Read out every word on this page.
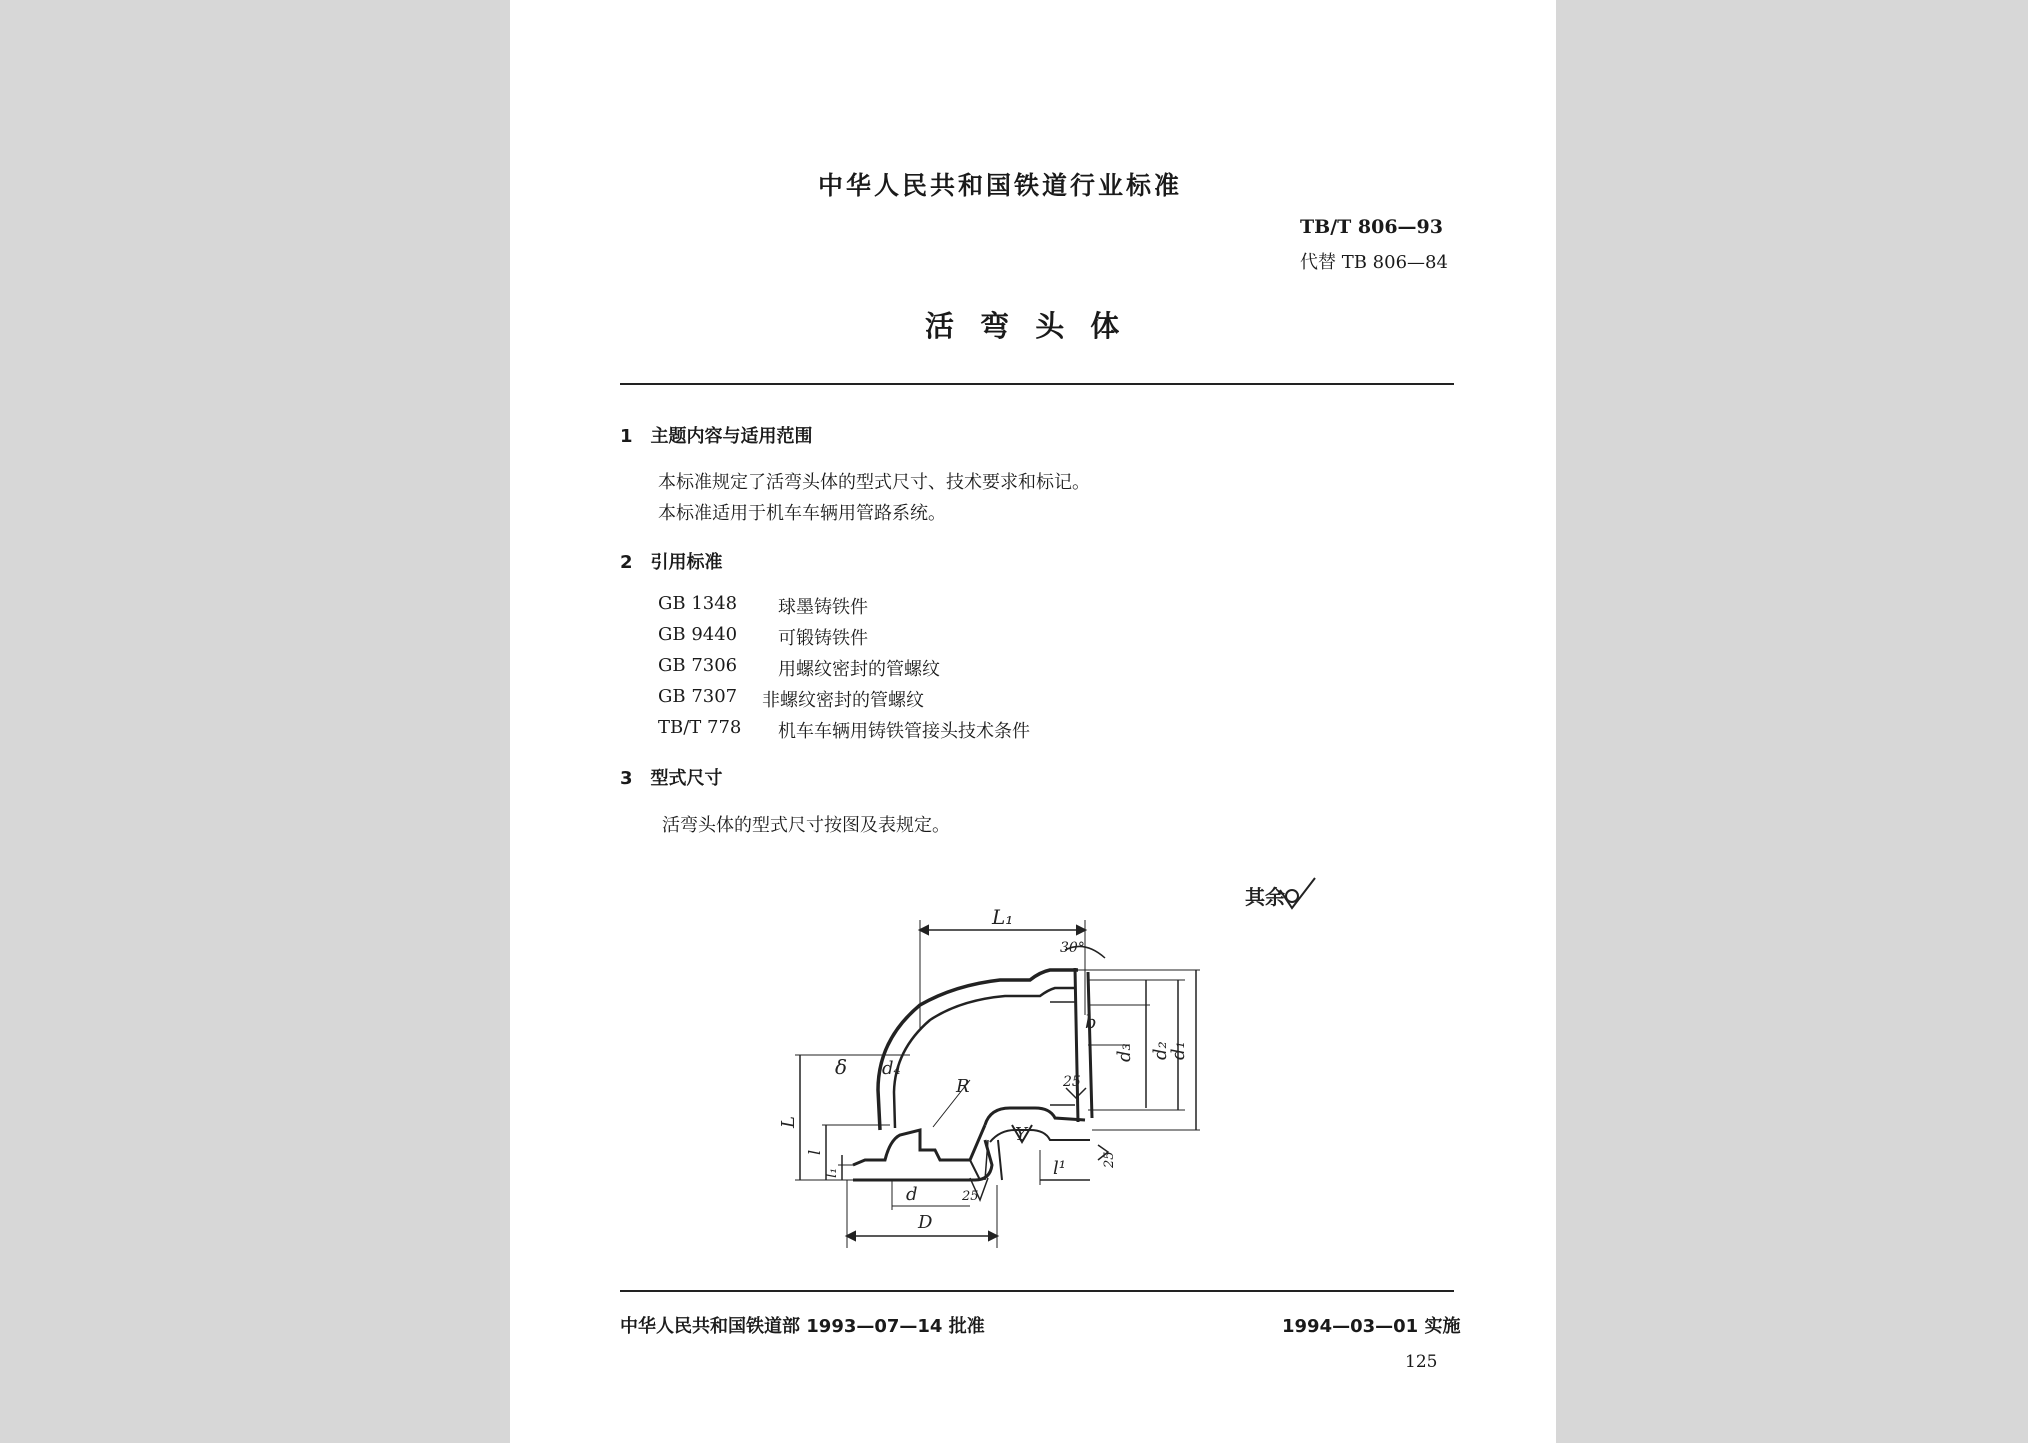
中华人民共和国铁道行业标准
TB/T 806—93
代替 TB 806—84
活 弯 头 体
1　主题内容与适用范围
本标准规定了活弯头体的型式尺寸、技术要求和标记。
本标准适用于机车车辆用管路系统。
2　引用标准
GB 1348 球墨铸铁件
GB 9440 可锻铸铁件
GB 7306 用螺纹密封的管螺纹
GB 7307 非螺纹密封的管螺纹
TB/T 778 机车车辆用铸铁管接头技术条件
3　型式尺寸
活弯头体的型式尺寸按图及表规定。
其余
L₁
30°
b
d₃ d₂
d₁
δ d₄
R	25
L
l
l₁
Y
l¹	25
d	25
D
中华人民共和国铁道部 1993—07—14 批准	1994—03—01 实施
125
